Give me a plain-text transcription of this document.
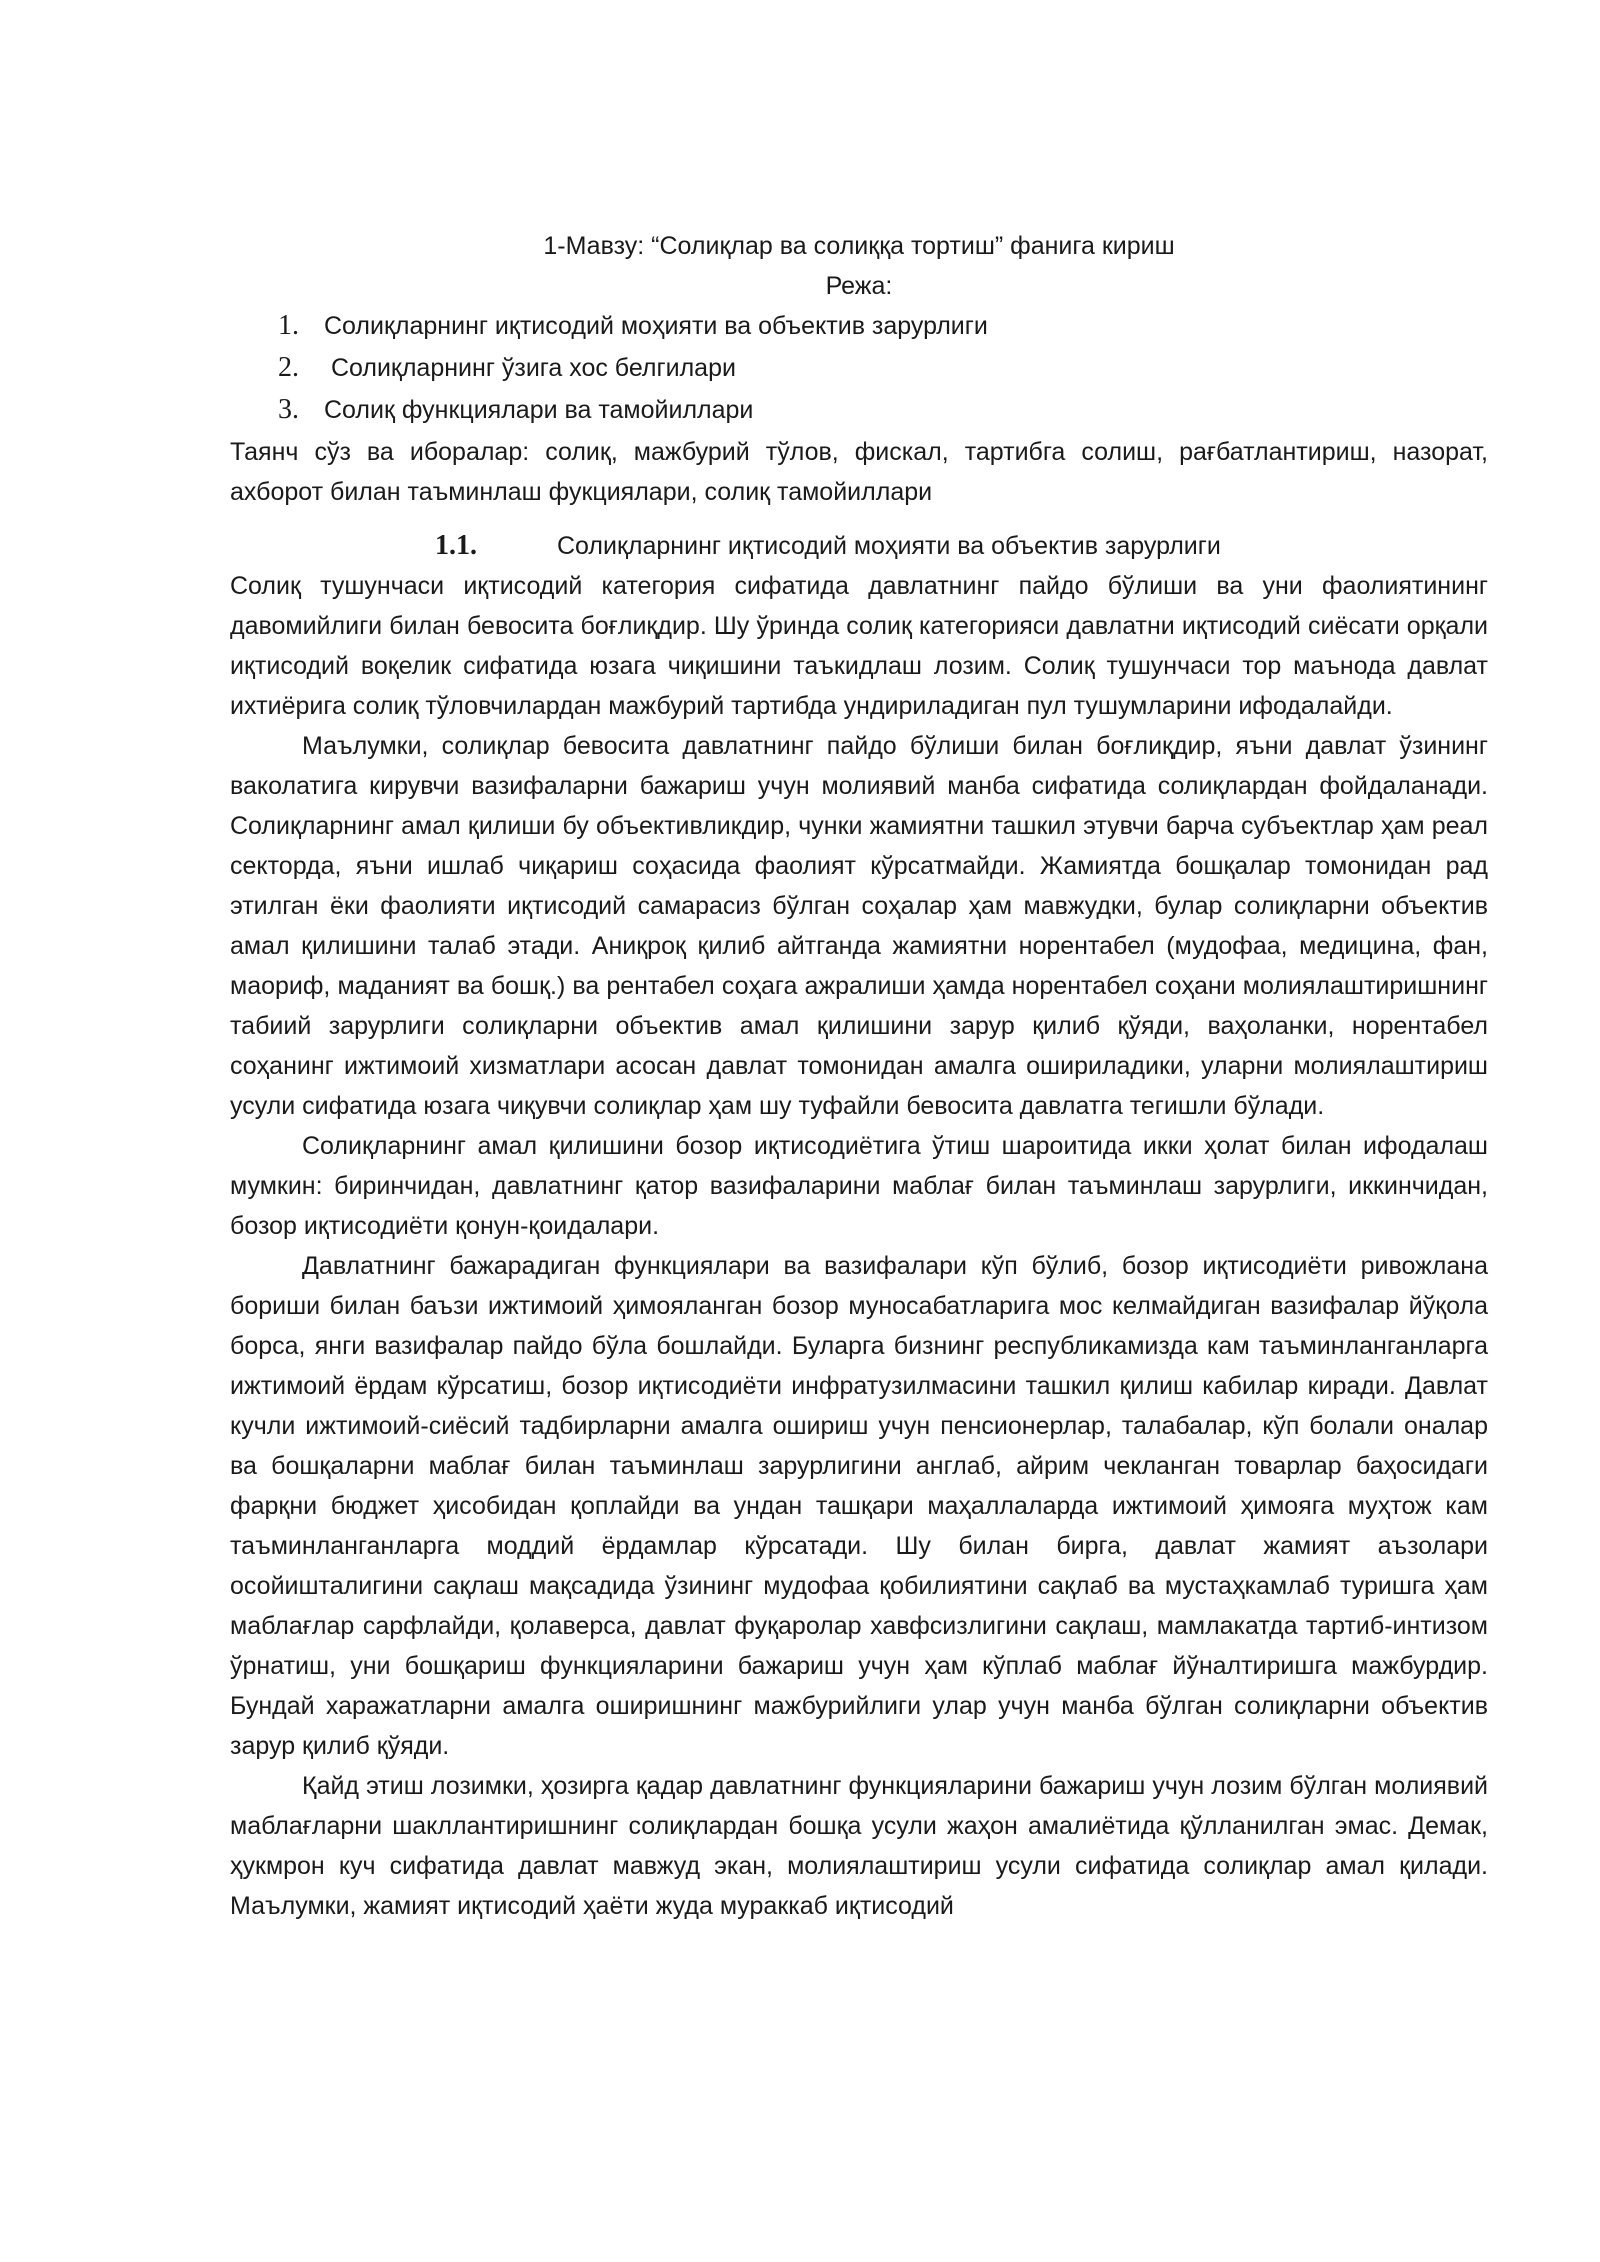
1-Мавзу: “Солиқлар ва солиққа тортиш” фанига кириш
Режа:
1.	Солиқларнинг иқтисодий моҳияти ва объектив зарурлиги
2.	Солиқларнинг ўзига хос белгилари
3.	Солиқ функциялари ва тамойиллари

Таянч сўз ва иборалар: солиқ, мажбурий тўлов, фискал, тартибга солиш, рағбатлантириш, назорат, ахборот билан таъминлаш фукциялари, солиқ тамойиллари

1.1.	Солиқларнинг иқтисодий моҳияти ва объектив зарурлиги

Солиқ тушунчаси иқтисодий категория сифатида давлатнинг пайдо бўлиши ва уни фаолиятининг давомийлиги билан бевосита боғлиқдир. Шу ўринда солиқ категорияси давлатни иқтисодий сиёсати орқали иқтисодий воқелик сифатида юзага чиқишини таъкидлаш лозим. Солиқ тушунчаси тор маънода давлат ихтиёрига солиқ тўловчилардан мажбурий тартибда ундириладиган пул тушумларини ифодалайди.

Маълумки, солиқлар бевосита давлатнинг пайдо бўлиши билан боғлиқдир, яъни давлат ўзининг ваколатига кирувчи вазифаларни бажариш учун молиявий манба сифатида солиқлардан фойдаланади. Солиқларнинг амал қилиши бу объективликдир, чунки жамиятни ташкил этувчи барча субъектлар ҳам реал секторда, яъни ишлаб чиқариш соҳасида фаолият кўрсатмайди. Жамиятда бошқалар томонидан рад этилган ёки фаолияти иқтисодий самарасиз бўлган соҳалар ҳам мавжудки, булар солиқларни объектив амал қилишини талаб этади. Аниқроқ қилиб айтганда жамиятни норентабел (мудофаа, медицина, фан, маориф, маданият ва бошқ.) ва рентабел соҳага ажралиши ҳамда норентабел соҳани молиялаштиришнинг табиий зарурлиги солиқларни объектив амал қилишини зарур қилиб қўяди, ваҳоланки, норентабел соҳанинг ижтимоий хизматлари асосан давлат томонидан амалга ошириладики, уларни молиялаштириш усули сифатида юзага чиқувчи солиқлар ҳам шу туфайли бевосита давлатга тегишли бўлади.

Солиқларнинг амал қилишини бозор иқтисодиётига ўтиш шароитида икки ҳолат билан ифодалаш мумкин: биринчидан, давлатнинг қатор вазифаларини маблағ билан таъминлаш зарурлиги, иккинчидан, бозор иқтисодиёти қонун-қоидалари.

Давлатнинг бажарадиган функциялари ва вазифалари кўп бўлиб, бозор иқтисодиёти ривожлана бориши билан баъзи ижтимоий ҳимояланган бозор муносабатларига мос келмайдиган вазифалар йўқола борса, янги вазифалар пайдо бўла бошлайди. Буларга бизнинг республикамизда кам таъминланганларга ижтимоий ёрдам кўрсатиш, бозор иқтисодиёти инфратузилмасини ташкил қилиш кабилар киради. Давлат кучли ижтимоий-сиёсий тадбирларни амалга ошириш учун пенсионерлар, талабалар, кўп болали оналар ва бошқаларни маблағ билан таъминлаш зарурлигини англаб, айрим чекланган товарлар баҳосидаги фарқни бюджет ҳисобидан қоплайди ва ундан ташқари маҳаллаларда ижтимоий ҳимояга муҳтож кам таъминланганларга моддий ёрдамлар кўрсатади. Шу билан бирга, давлат жамият аъзолари осойишталигини сақлаш мақсадида ўзининг мудофаа қобилиятини сақлаб ва мустаҳкамлаб туришга ҳам маблағлар сарфлайди, қолаверса, давлат фуқаролар хавфсизлигини сақлаш, мамлакатда тартиб-интизом ўрнатиш, уни бошқариш функцияларини бажариш учун ҳам кўплаб маблағ йўналтиришга мажбурдир. Бундай харажатларни амалга оширишнинг мажбурийлиги улар учун манба бўлган солиқларни объектив зарур қилиб қўяди.

Қайд этиш лозимки, ҳозирга қадар давлатнинг функцияларини бажариш учун лозим бўлган молиявий маблағларни шакллантиришнинг солиқлардан бошқа усули жаҳон амалиётида қўлланилган эмас. Демак, ҳукмрон куч сифатида давлат мавжуд экан, молиялаштириш усули сифатида солиқлар амал қилади. Маълумки, жамият иқтисодий ҳаёти жуда мураккаб иқтисодий
